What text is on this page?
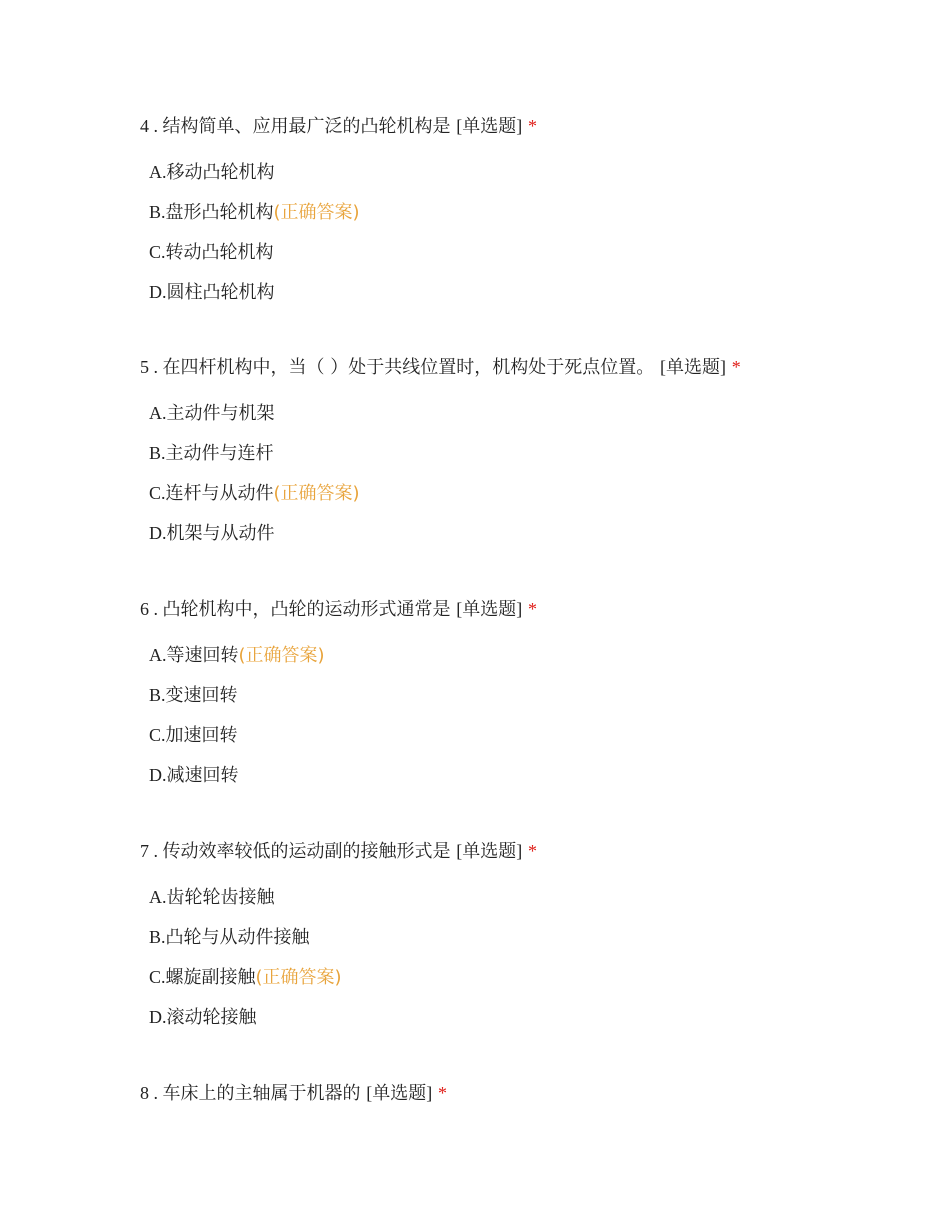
4 . 结构简单、应用最广泛的凸轮机构是 [单选题] *
A.移动凸轮机构
B.盘形凸轮机构(正确答案)
C.转动凸轮机构
D.圆柱凸轮机构
5 . 在四杆机构中，当（ ）处于共线位置时，机构处于死点位置。 [单选题] *
A.主动件与机架
B.主动件与连杆
C.连杆与从动件(正确答案)
D.机架与从动件
6 . 凸轮机构中，凸轮的运动形式通常是 [单选题] *
A.等速回转(正确答案)
B.变速回转
C.加速回转
D.减速回转
7 . 传动效率较低的运动副的接触形式是 [单选题] *
A.齿轮轮齿接触
B.凸轮与从动件接触
C.螺旋副接触(正确答案)
D.滚动轮接触
8 . 车床上的主轴属于机器的 [单选题] *
